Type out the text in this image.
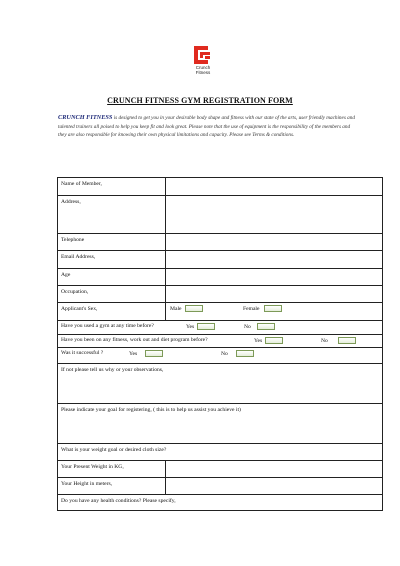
Crunch
Fitness
CRUNCH FITNESS GYM REGISTRATION FORM
CRUNCH FITNESS is designed to get you in your desirable body shape and fitness with our state of the arts, user friendly machines and talented trainers all poised to help you keep fit and look great. Please note that the use of equipment is the responsibility of the members and they are also responsible for knowing their own physical limitations and capacity. Please see Terms & conditions.
Name of Member,
Address,
Telephone
Email Address,
Age
Occupation,
Applicant's Sex,	Male	Female
Have you used a gym at any time before?	Yes	No
Have you been on any fitness, work out and diet program before?	Yes	No
Was it successful ?	Yes	No
If not please tell us why or your observations,
Please indicate your goal for registering, ( this is to help us assist you achieve it)
What is your weight goal or desired cloth size?
Your Present Weight in KG,
Your Height in meters,
Do you have any health conditions? Please specify,
